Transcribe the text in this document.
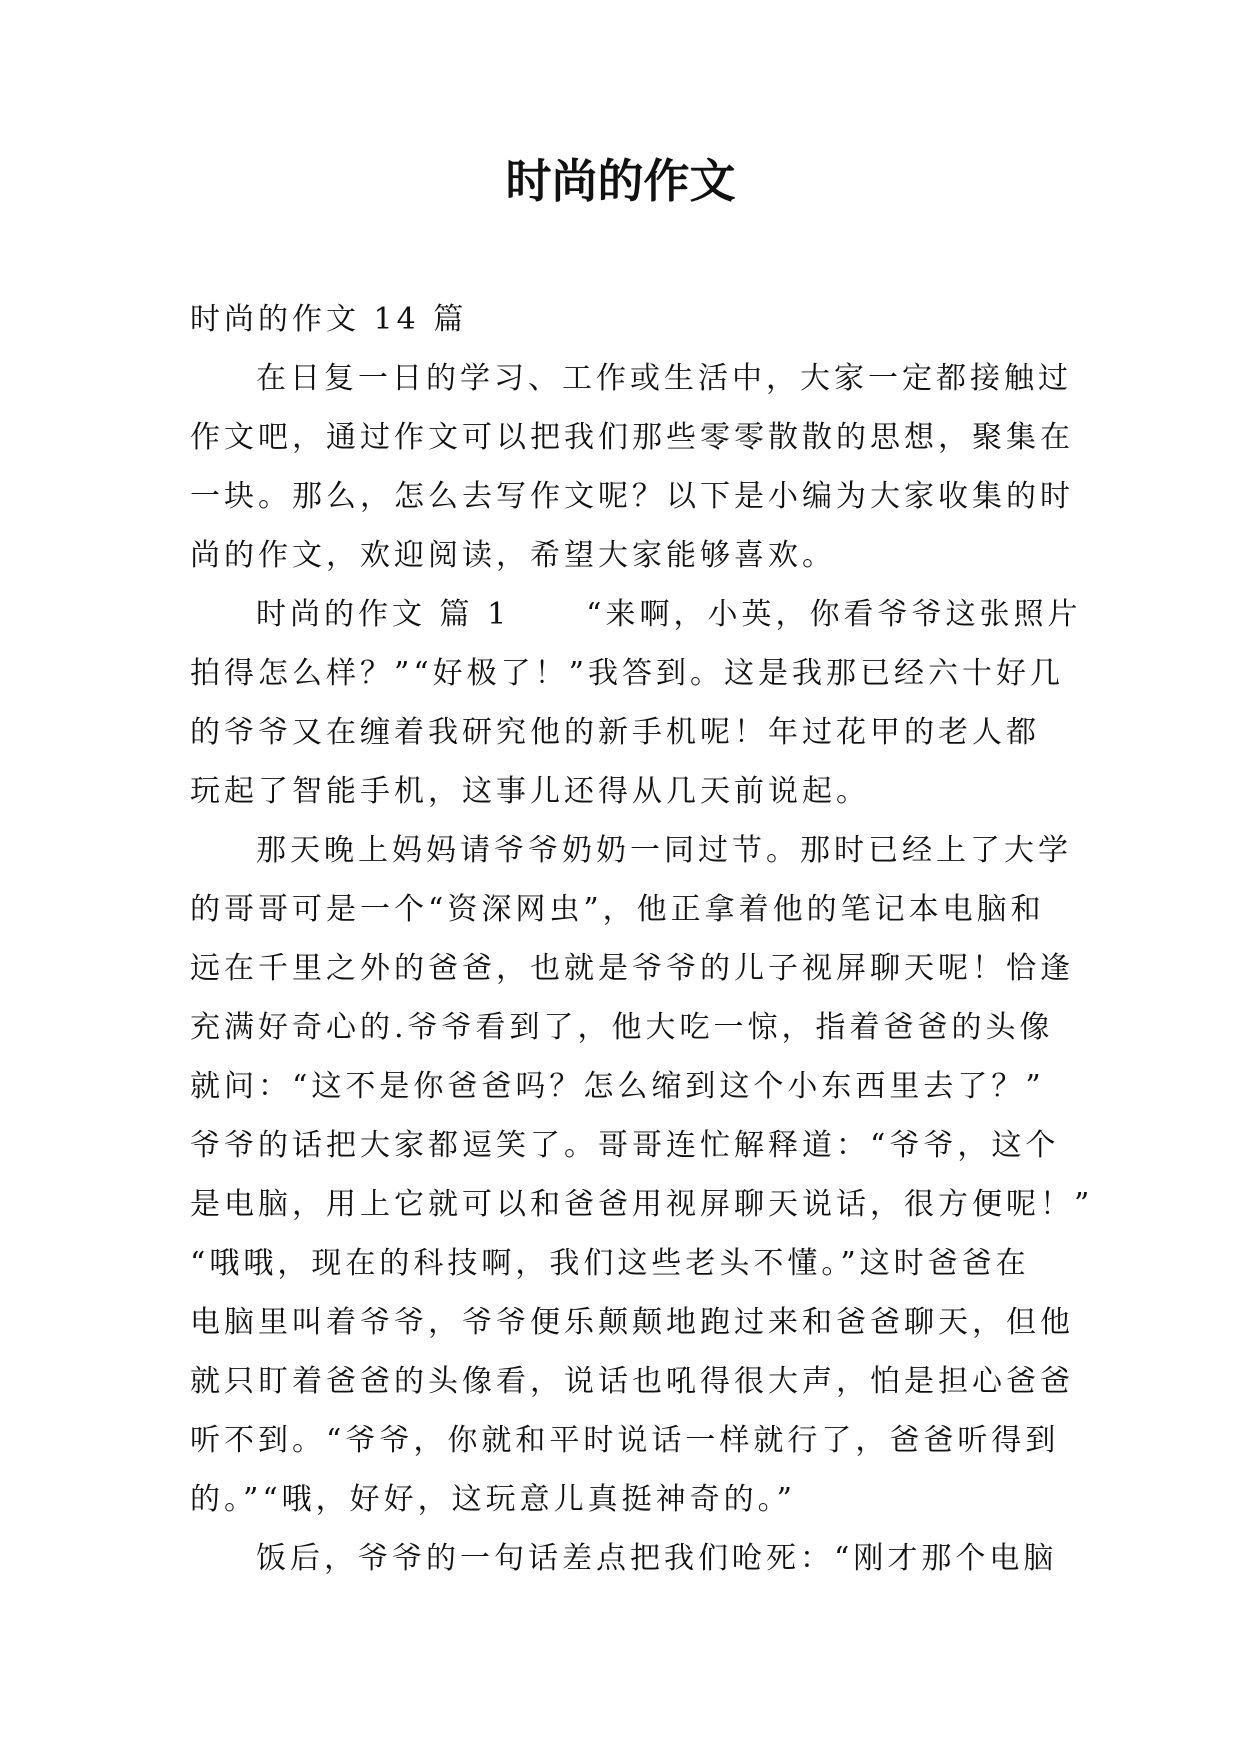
时尚的作文
时尚的作文 14 篇
在日复一日的学习、工作或生活中，大家一定都接触过
作文吧，通过作文可以把我们那些零零散散的思想，聚集在
一块。那么，怎么去写作文呢？以下是小编为大家收集的时
尚的作文，欢迎阅读，希望大家能够喜欢。
时尚的作文 篇 1	“来啊，小英，你看爷爷这张照片
拍得怎么样？”“好极了！”我答到。这是我那已经六十好几
的爷爷又在缠着我研究他的新手机呢！年过花甲的老人都
玩起了智能手机，这事儿还得从几天前说起。
那天晚上妈妈请爷爷奶奶一同过节。那时已经上了大学
的哥哥可是一个“资深网虫”，他正拿着他的笔记本电脑和
远在千里之外的爸爸，也就是爷爷的儿子视屏聊天呢！恰逢
充满好奇心的.爷爷看到了，他大吃一惊，指着爸爸的头像
就问：“这不是你爸爸吗？怎么缩到这个小东西里去了？”
爷爷的话把大家都逗笑了。哥哥连忙解释道：“爷爷，这个
是电脑，用上它就可以和爸爸用视屏聊天说话，很方便呢！”
“哦哦，现在的科技啊，我们这些老头不懂。”这时爸爸在
电脑里叫着爷爷，爷爷便乐颠颠地跑过来和爸爸聊天，但他
就只盯着爸爸的头像看，说话也吼得很大声，怕是担心爸爸
听不到。“爷爷，你就和平时说话一样就行了，爸爸听得到
的。”“哦，好好，这玩意儿真挺神奇的。”
饭后，爷爷的一句话差点把我们呛死：“刚才那个电脑
